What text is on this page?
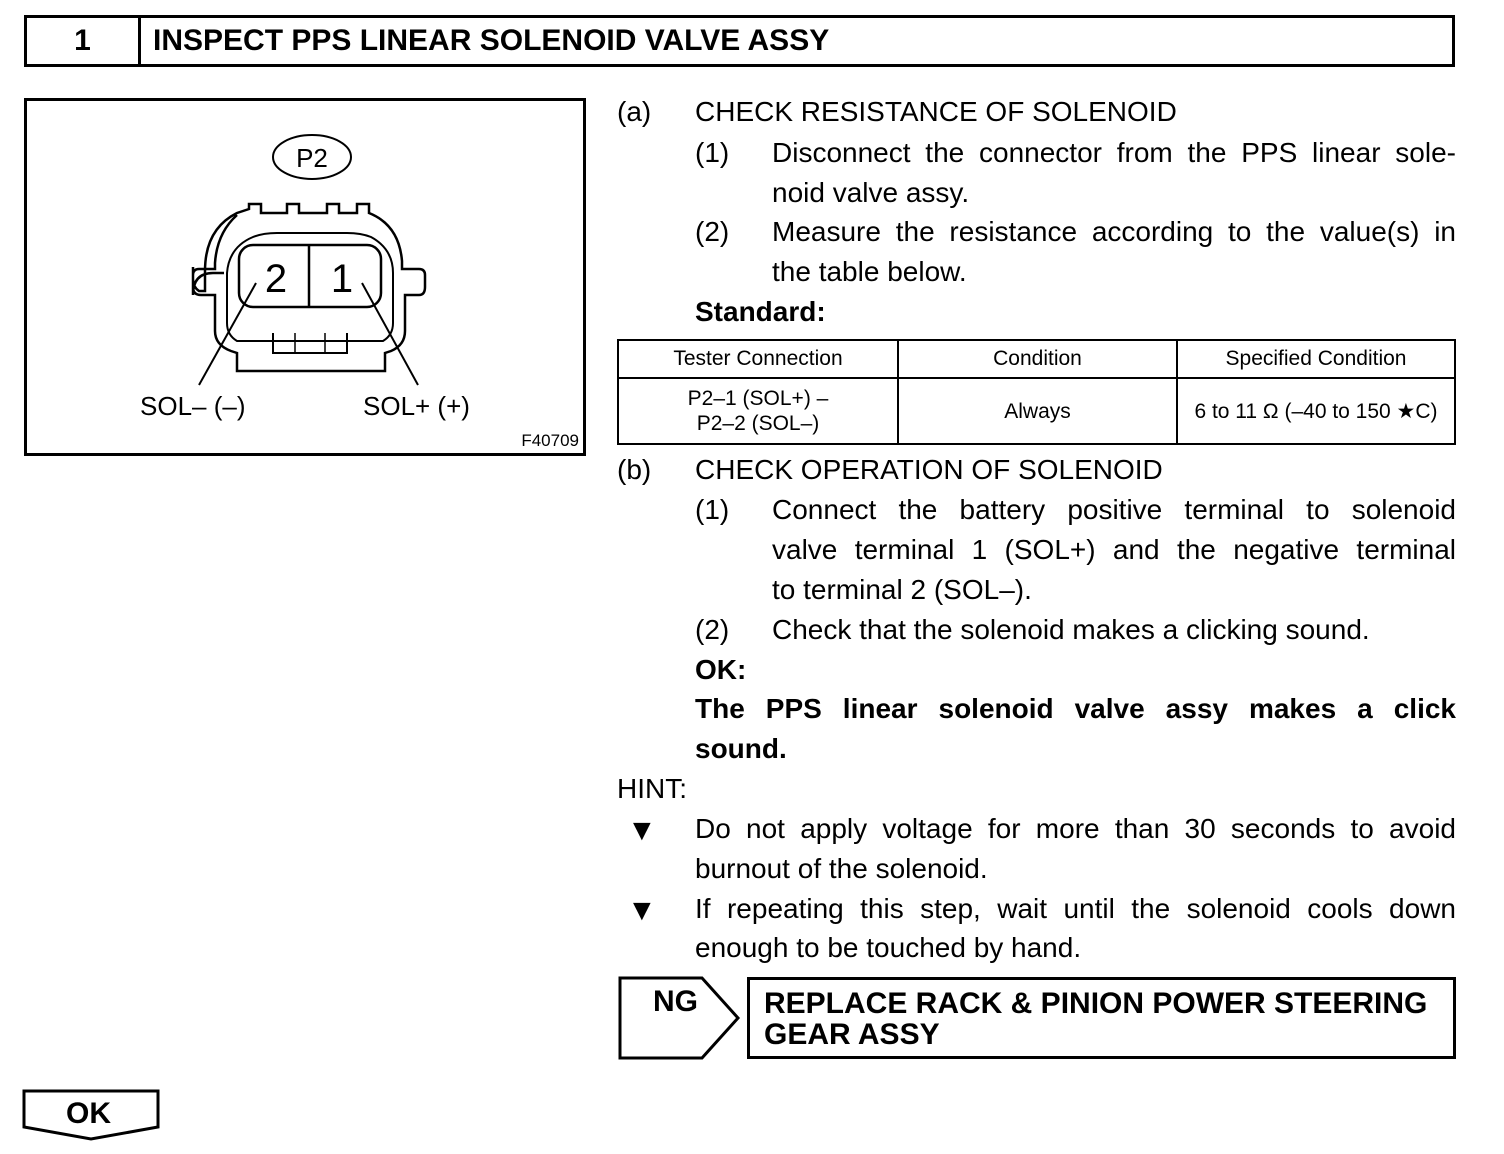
1	INSPECT PPS LINEAR SOLENOID VALVE ASSY
P2
2 1
SOL– (–)	SOL+ (+)
F40709
(a) CHECK RESISTANCE OF SOLENOID
(1) Disconnect the connector from the PPS linear sole-
noid valve assy.
(2) Measure the resistance according to the value(s) in
the table below.
Standard:
Tester Connection	Condition	Specified Condition

P2–1 (SOL+) –
P2–2 (SOL–)	Always	6 to 11 Ω (–40 to 150 ★C)
(b) CHECK OPERATION OF SOLENOID
(1) Connect the battery positive terminal to solenoid
valve terminal 1 (SOL+) and the negative terminal
to terminal 2 (SOL–).
(2) Check that the solenoid makes a clicking sound.
OK:
The PPS linear solenoid valve assy makes a click
sound.
HINT:
▼ Do not apply voltage for more than 30 seconds to avoid
burnout of the solenoid.
▼ If repeating this step, wait until the solenoid cools down
enough to be touched by hand.
NG REPLACE RACK & PINION POWER STEERING
GEAR ASSY
OK
